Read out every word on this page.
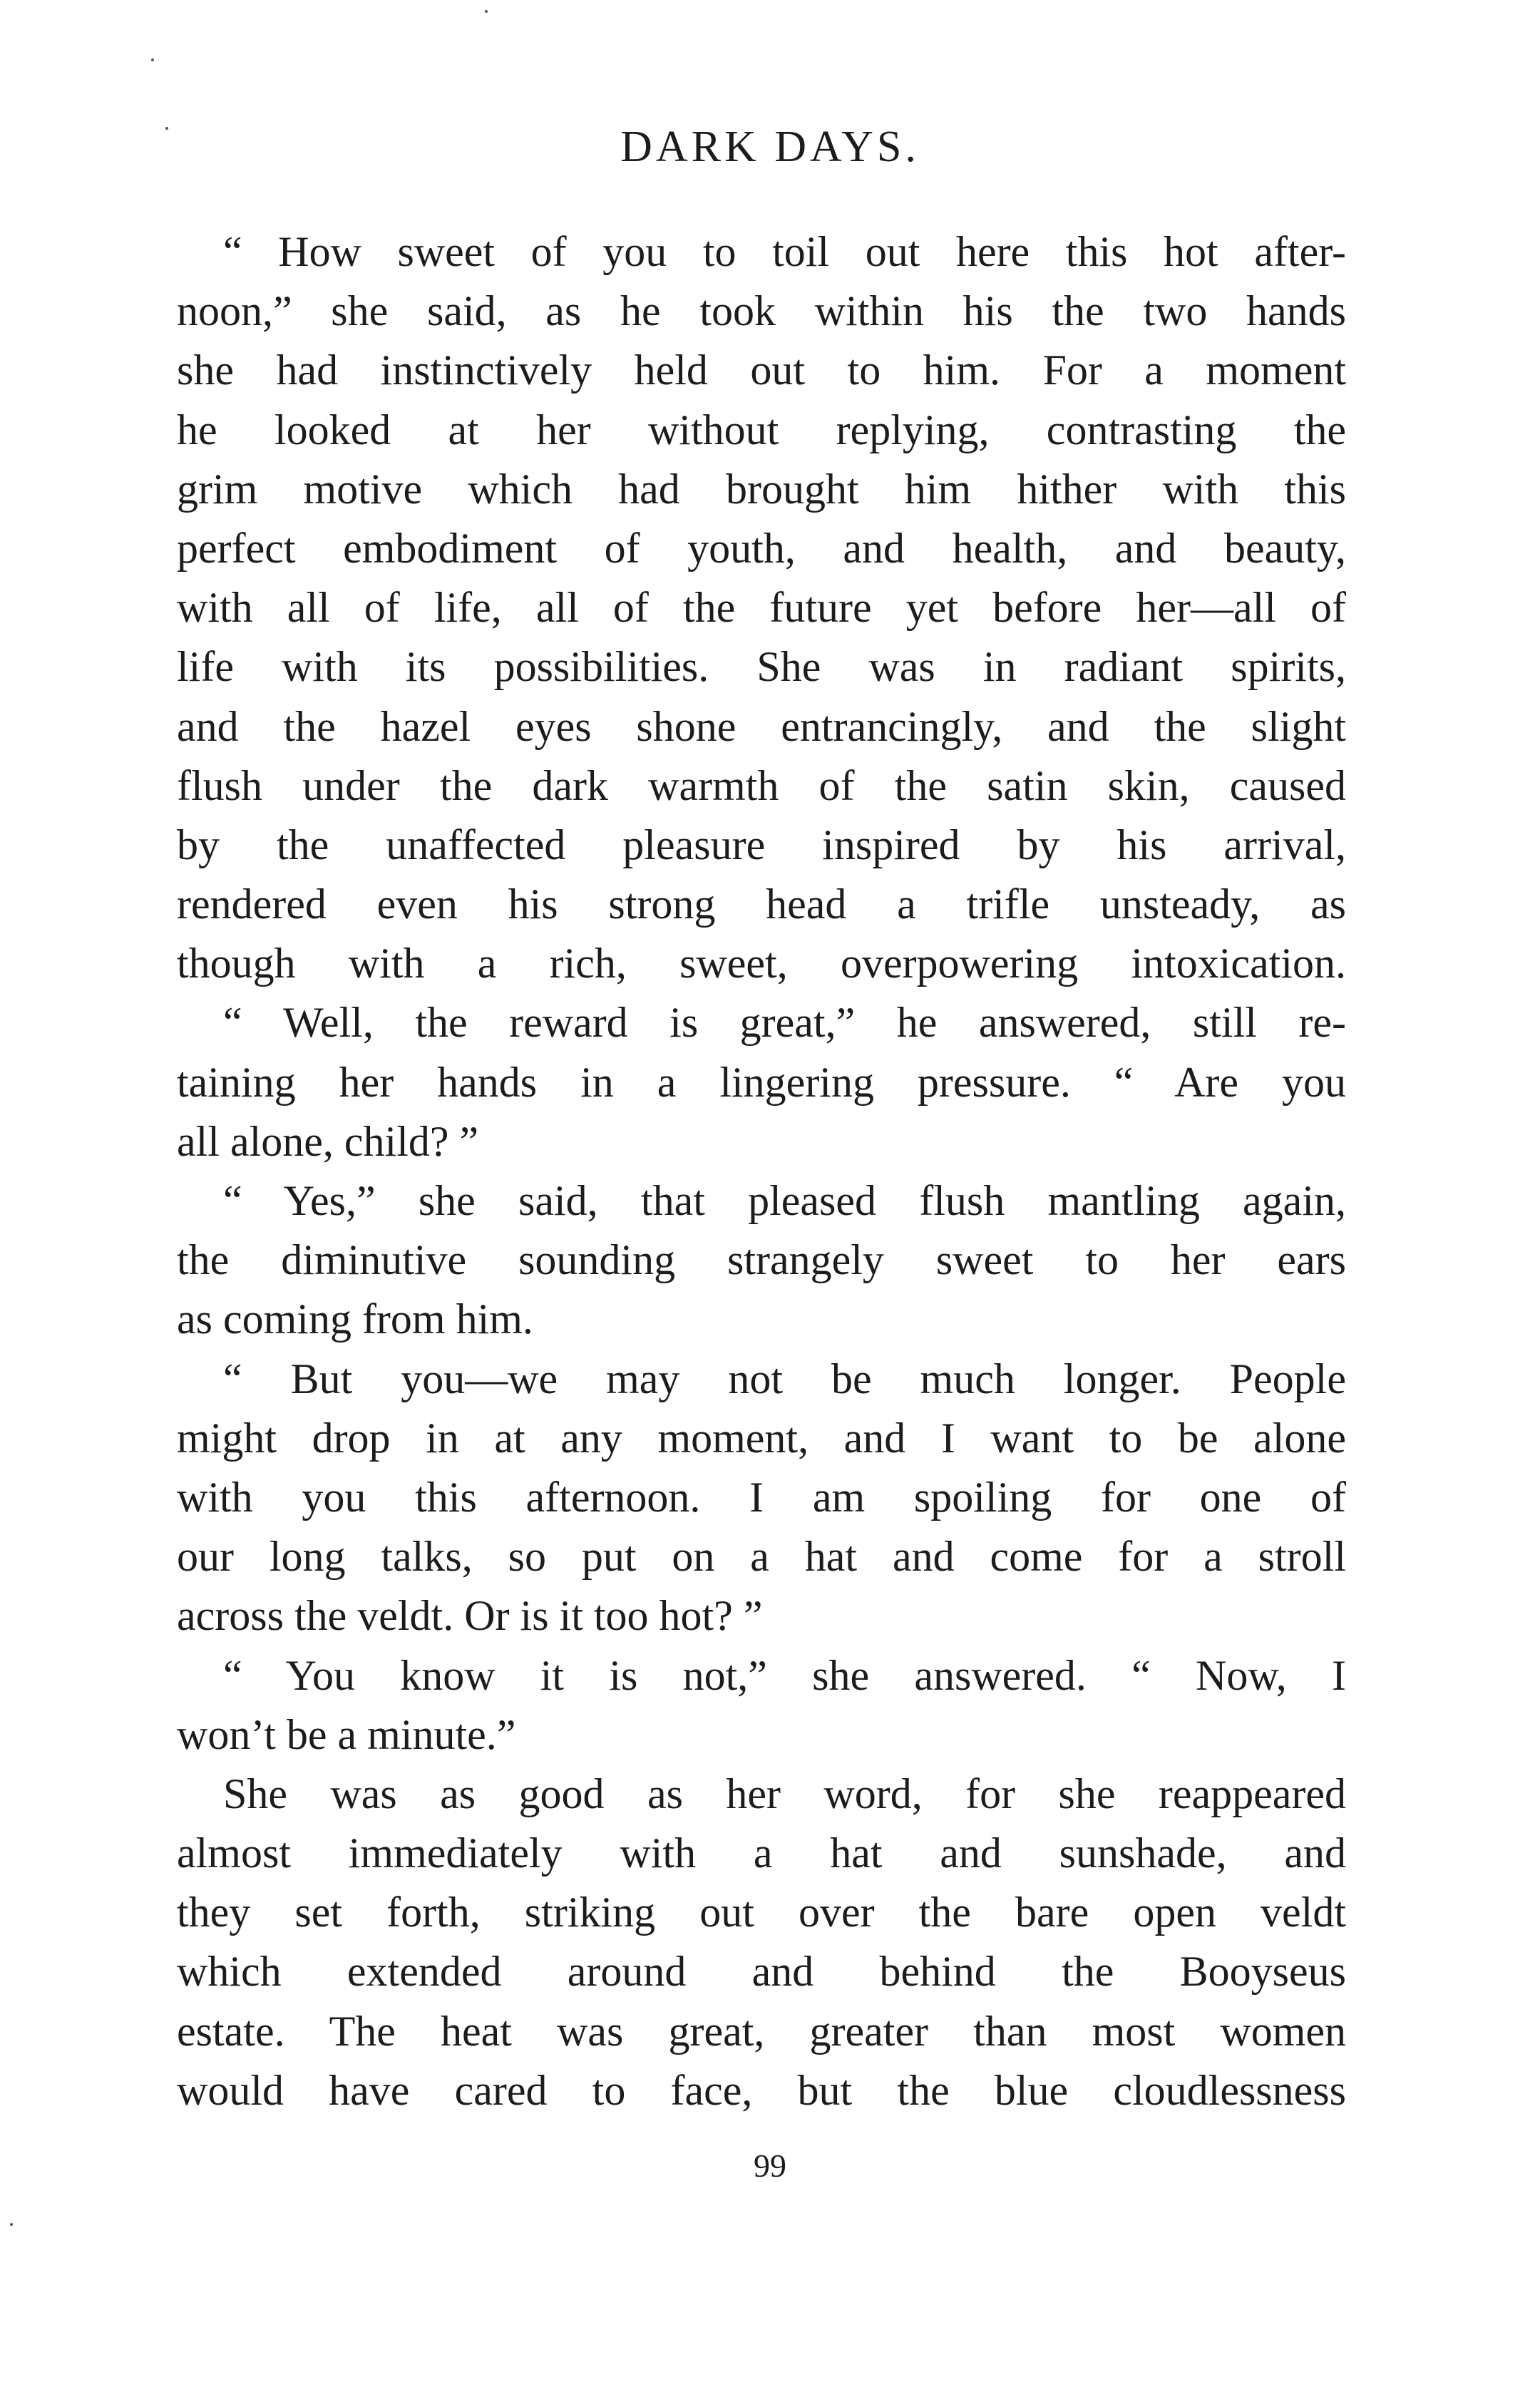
DARK DAYS.
“ How sweet of you to toil out here this hot after-
noon,” she said, as he took within his the two hands
she had instinctively held out to him. For a moment
he looked at her without replying, contrasting the
grim motive which had brought him hither with this
perfect embodiment of youth, and health, and beauty,
with all of life, all of the future yet before her—all of
life with its possibilities. She was in radiant spirits,
and the hazel eyes shone entrancingly, and the slight
flush under the dark warmth of the satin skin, caused
by the unaffected pleasure inspired by his arrival,
rendered even his strong head a trifle unsteady, as
though with a rich, sweet, overpowering intoxication.
“ Well, the reward is great,” he answered, still re-
taining her hands in a lingering pressure. “ Are you
all alone, child? ”
“ Yes,” she said, that pleased flush mantling again,
the diminutive sounding strangely sweet to her ears
as coming from him.
“ But you—we may not be much longer. People
might drop in at any moment, and I want to be alone
with you this afternoon. I am spoiling for one of
our long talks, so put on a hat and come for a stroll
across the veldt. Or is it too hot? ”
“ You know it is not,” she answered. “ Now, I
won’t be a minute.”
She was as good as her word, for she reappeared
almost immediately with a hat and sunshade, and
they set forth, striking out over the bare open veldt
which extended around and behind the Booyseus
estate. The heat was great, greater than most women
would have cared to face, but the blue cloudlessness
99
